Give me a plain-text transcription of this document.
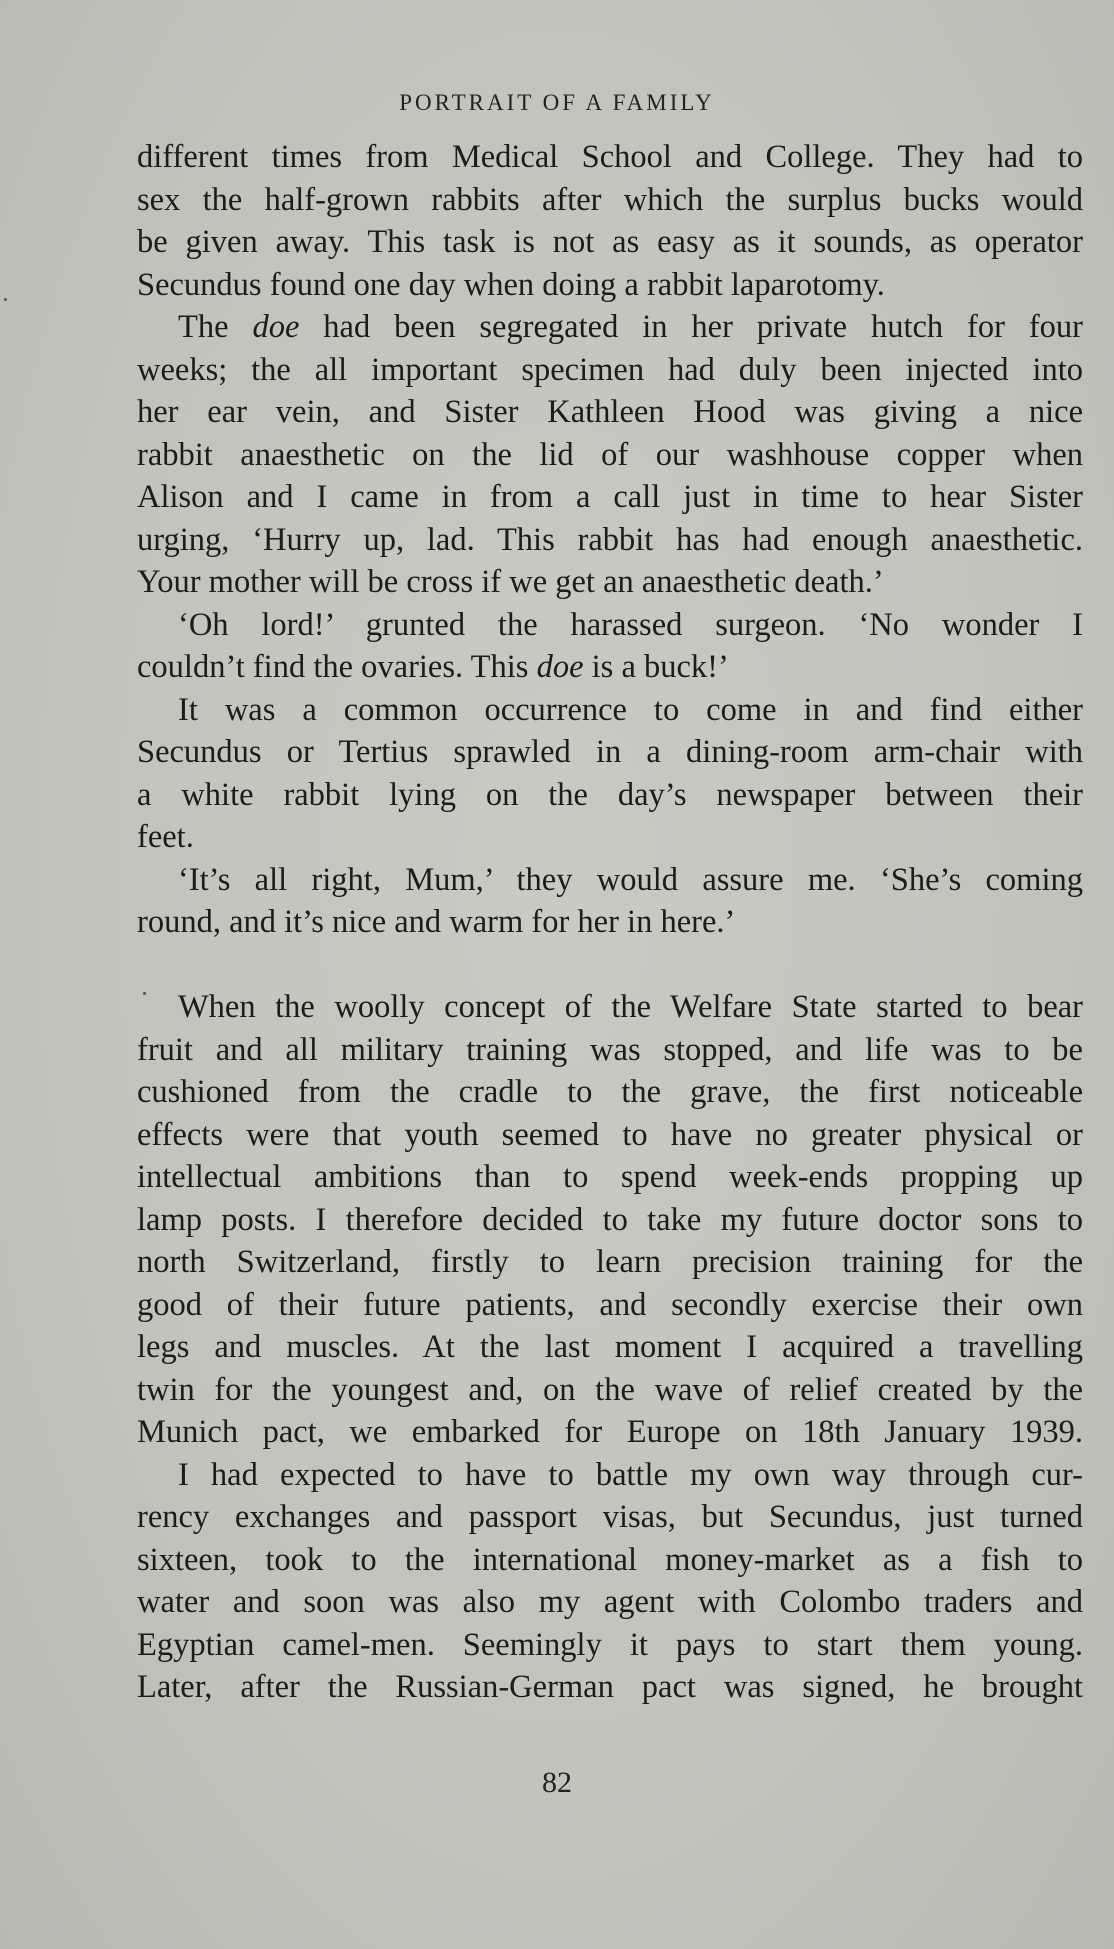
PORTRAIT OF A FAMILY
different times from Medical School and College. They had to
sex the half-grown rabbits after which the surplus bucks would
be given away. This task is not as easy as it sounds, as operator
Secundus found one day when doing a rabbit laparotomy.
The doe had been segregated in her private hutch for four
weeks; the all important specimen had duly been injected into
her ear vein, and Sister Kathleen Hood was giving a nice
rabbit anaesthetic on the lid of our washhouse copper when
Alison and I came in from a call just in time to hear Sister
urging, ‘Hurry up, lad. This rabbit has had enough anaesthetic.
Your mother will be cross if we get an anaesthetic death.’
‘Oh lord!’ grunted the harassed surgeon. ‘No wonder I
couldn’t find the ovaries. This doe is a buck!’
It was a common occurrence to come in and find either
Secundus or Tertius sprawled in a dining-room arm-chair with
a white rabbit lying on the day’s newspaper between their
feet.
‘It’s all right, Mum,’ they would assure me. ‘She’s coming
round, and it’s nice and warm for her in here.’
When the woolly concept of the Welfare State started to bear
fruit and all military training was stopped, and life was to be
cushioned from the cradle to the grave, the first noticeable
effects were that youth seemed to have no greater physical or
intellectual ambitions than to spend week-ends propping up
lamp posts. I therefore decided to take my future doctor sons to
north Switzerland, firstly to learn precision training for the
good of their future patients, and secondly exercise their own
legs and muscles. At the last moment I acquired a travelling
twin for the youngest and, on the wave of relief created by the
Munich pact, we embarked for Europe on 18th January 1939.
I had expected to have to battle my own way through cur-
rency exchanges and passport visas, but Secundus, just turned
sixteen, took to the international money-market as a fish to
water and soon was also my agent with Colombo traders and
Egyptian camel-men. Seemingly it pays to start them young.
Later, after the Russian-German pact was signed, he brought
82
